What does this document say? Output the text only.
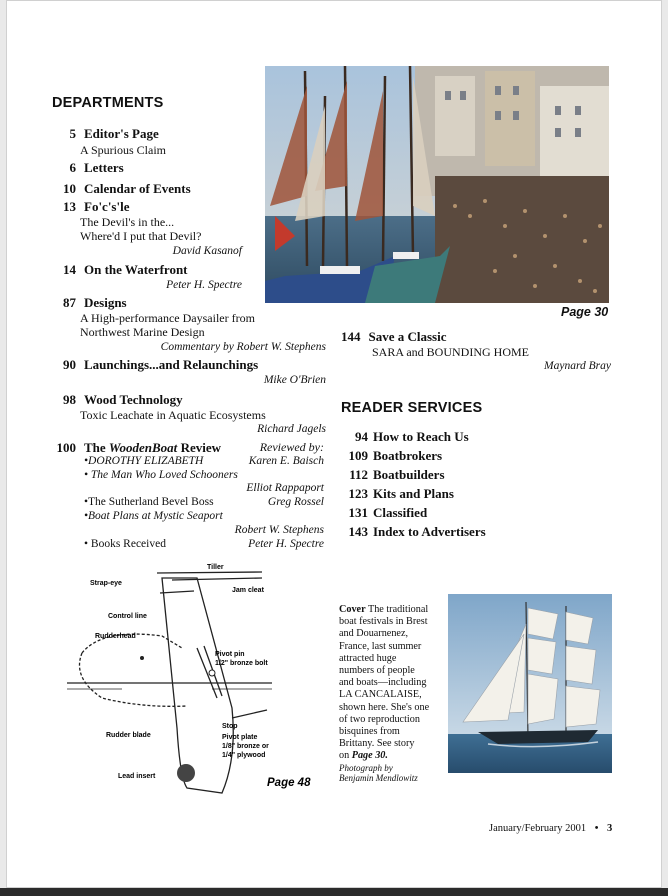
DEPARTMENTS
5 Editor's Page
A Spurious Claim
6 Letters
10 Calendar of Events
13 Fo'c's'le
The Devil's in the...
Where'd I put that Devil?
David Kasanof
14 On the Waterfront
Peter H. Spectre
87 Designs
A High-performance Daysailer from
Northwest Marine Design
Commentary by Robert W. Stephens
90 Launchings...and Relaunchings
Mike O'Brien
98 Wood Technology
Toxic Leachate in Aquatic Ecosystems
Richard Jagels
100 The WoodenBoat Review	Reviewed by:
•DOROTHY ELIZABETH	Karen E. Baisch
• The Man Who Loved Schooners
Elliot Rappaport
•The Sutherland Bevel Boss	Greg Rossel
•Boat Plans at Mystic Seaport
Robert W. Stephens
• Books Received	Peter H. Spectre
Page 30
144 Save a Classic
SARA and BOUNDING HOME
Maynard Bray
READER SERVICES
94 How to Reach Us
109 Boatbrokers
112 Boatbuilders
123 Kits and Plans
131 Classified
143 Index to Advertisers
Tiller
Strap-eye
Jam cleat
Control line
Rudderhead
Pivot pin
1/2" bronze bolt
Rudder blade
Stop
Pivot plate
1/8" bronze or
1/4" plywood
Lead insert
Page 48
Cover The traditional
boat festivals in Brest
and Douarnenez,
France, last summer
attracted huge
numbers of people
and boats—including
LA CANCALAISE,
shown here. She's one
of two reproduction
bisquines from
Brittany. See story
on Page 30.
Photograph by
Benjamin Mendlowitz
January/February 2001 • 3
